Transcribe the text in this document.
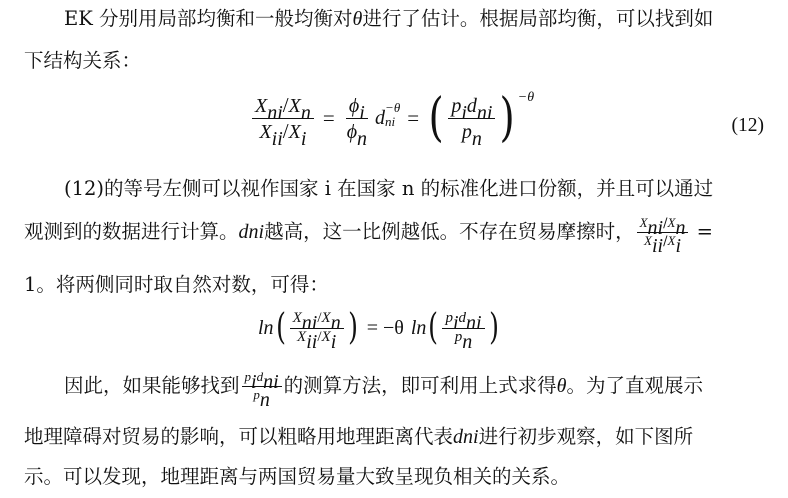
EK 分别用局部均衡和一般均衡对 θ 进行了估计。根据局部均衡，可以找到如
下结构关系：
$\frac{X_{ni}/X_n}{X_{ii}/X_i} = \frac{\phi_i}{\phi_n}$ d −θ
ni = ( $\frac{p_id_{ni}}{p_n}$ ) −θ
(12)
(12)的等号左侧可以视作国家 i 在国家 n 的标准化进口份额，并且可以通过
观测到的数据进行计算。 d ni 越高，这一比例越低。不存在贸易摩擦时， $\frac{X_{ni}/X_n}{X_{ii}/X_i}$ =
1。将两侧同时取自然对数，可得：
ln ( $\frac{X_{ni}/X_n}{X_{ii}/X_i}$ ) = −θ ln ( $\frac{p_id_{ni}}{p_n}$ )
因此，如果能够找到 $\frac{p_id_{ni}}{p_n}$ 的测算方法，即可利用上式求得 θ 。为了直观展示
地理障碍对贸易的影响，可以粗略用地理距离代表 d ni 进行初步观察，如下图所
示。可以发现，地理距离与两国贸易量大致呈现负相关的关系。
